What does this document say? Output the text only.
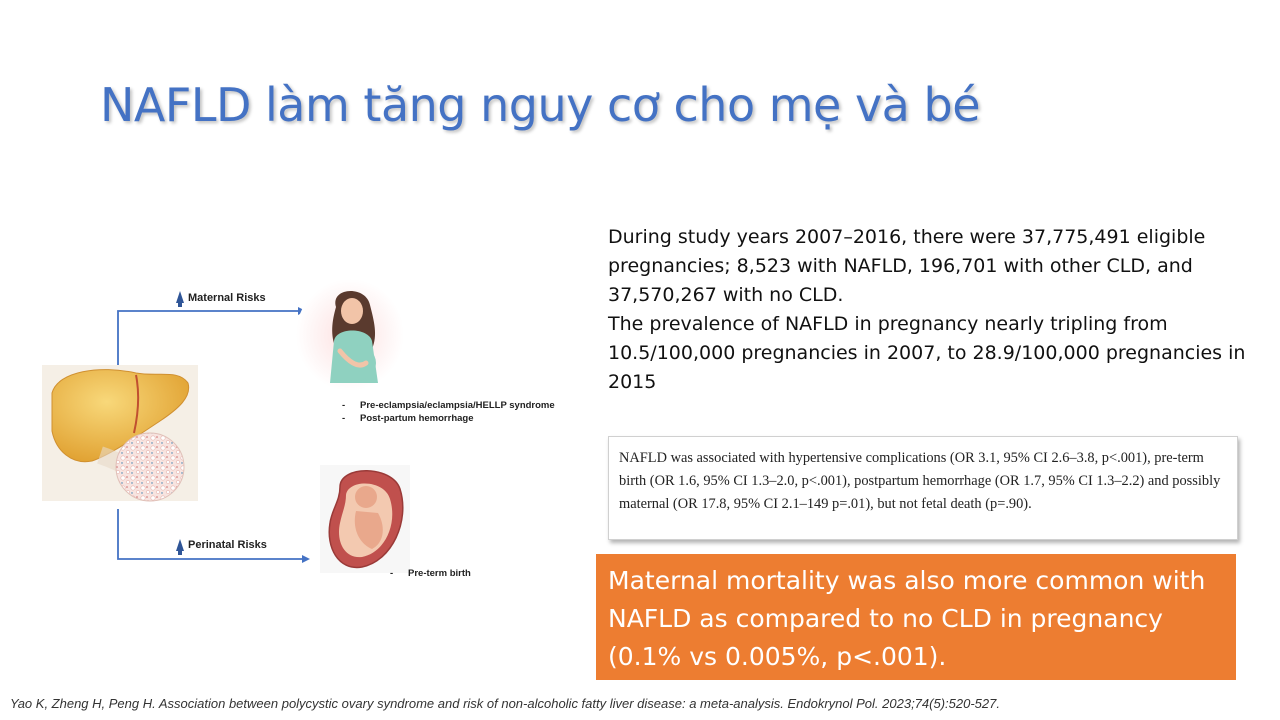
NAFLD làm tăng nguy cơ cho mẹ và bé
Maternal Risks
Perinatal Risks
- Pre-eclampsia/eclampsia/HELLP syndrome
- Post-partum hemorrhage
- Pre-term birth

During study years 2007–2016, there were 37,775,491 eligible pregnancies; 8,523 with NAFLD, 196,701 with other CLD, and 37,570,267 with no CLD.

The prevalence of NAFLD in pregnancy nearly tripling from 10.5/100,000 pregnancies in 2007, to 28.9/100,000 pregnancies in 2015

NAFLD was associated with hypertensive complications (OR 3.1, 95% CI 2.6–3.8, p<.001), pre-term birth (OR 1.6, 95% CI 1.3–2.0, p<.001), postpartum hemorrhage (OR 1.7, 95% CI 1.3–2.2) and possibly maternal (OR 17.8, 95% CI 2.1–149 p=.01), but not fetal death (p=.90).
Maternal mortality was also more common with NAFLD as compared to no CLD in pregnancy (0.1% vs 0.005%, p<.001).
Yao K, Zheng H, Peng H. Association between polycystic ovary syndrome and risk of non-alcoholic fatty liver disease: a meta-analysis. Endokrynol Pol. 2023;74(5):520-527.
